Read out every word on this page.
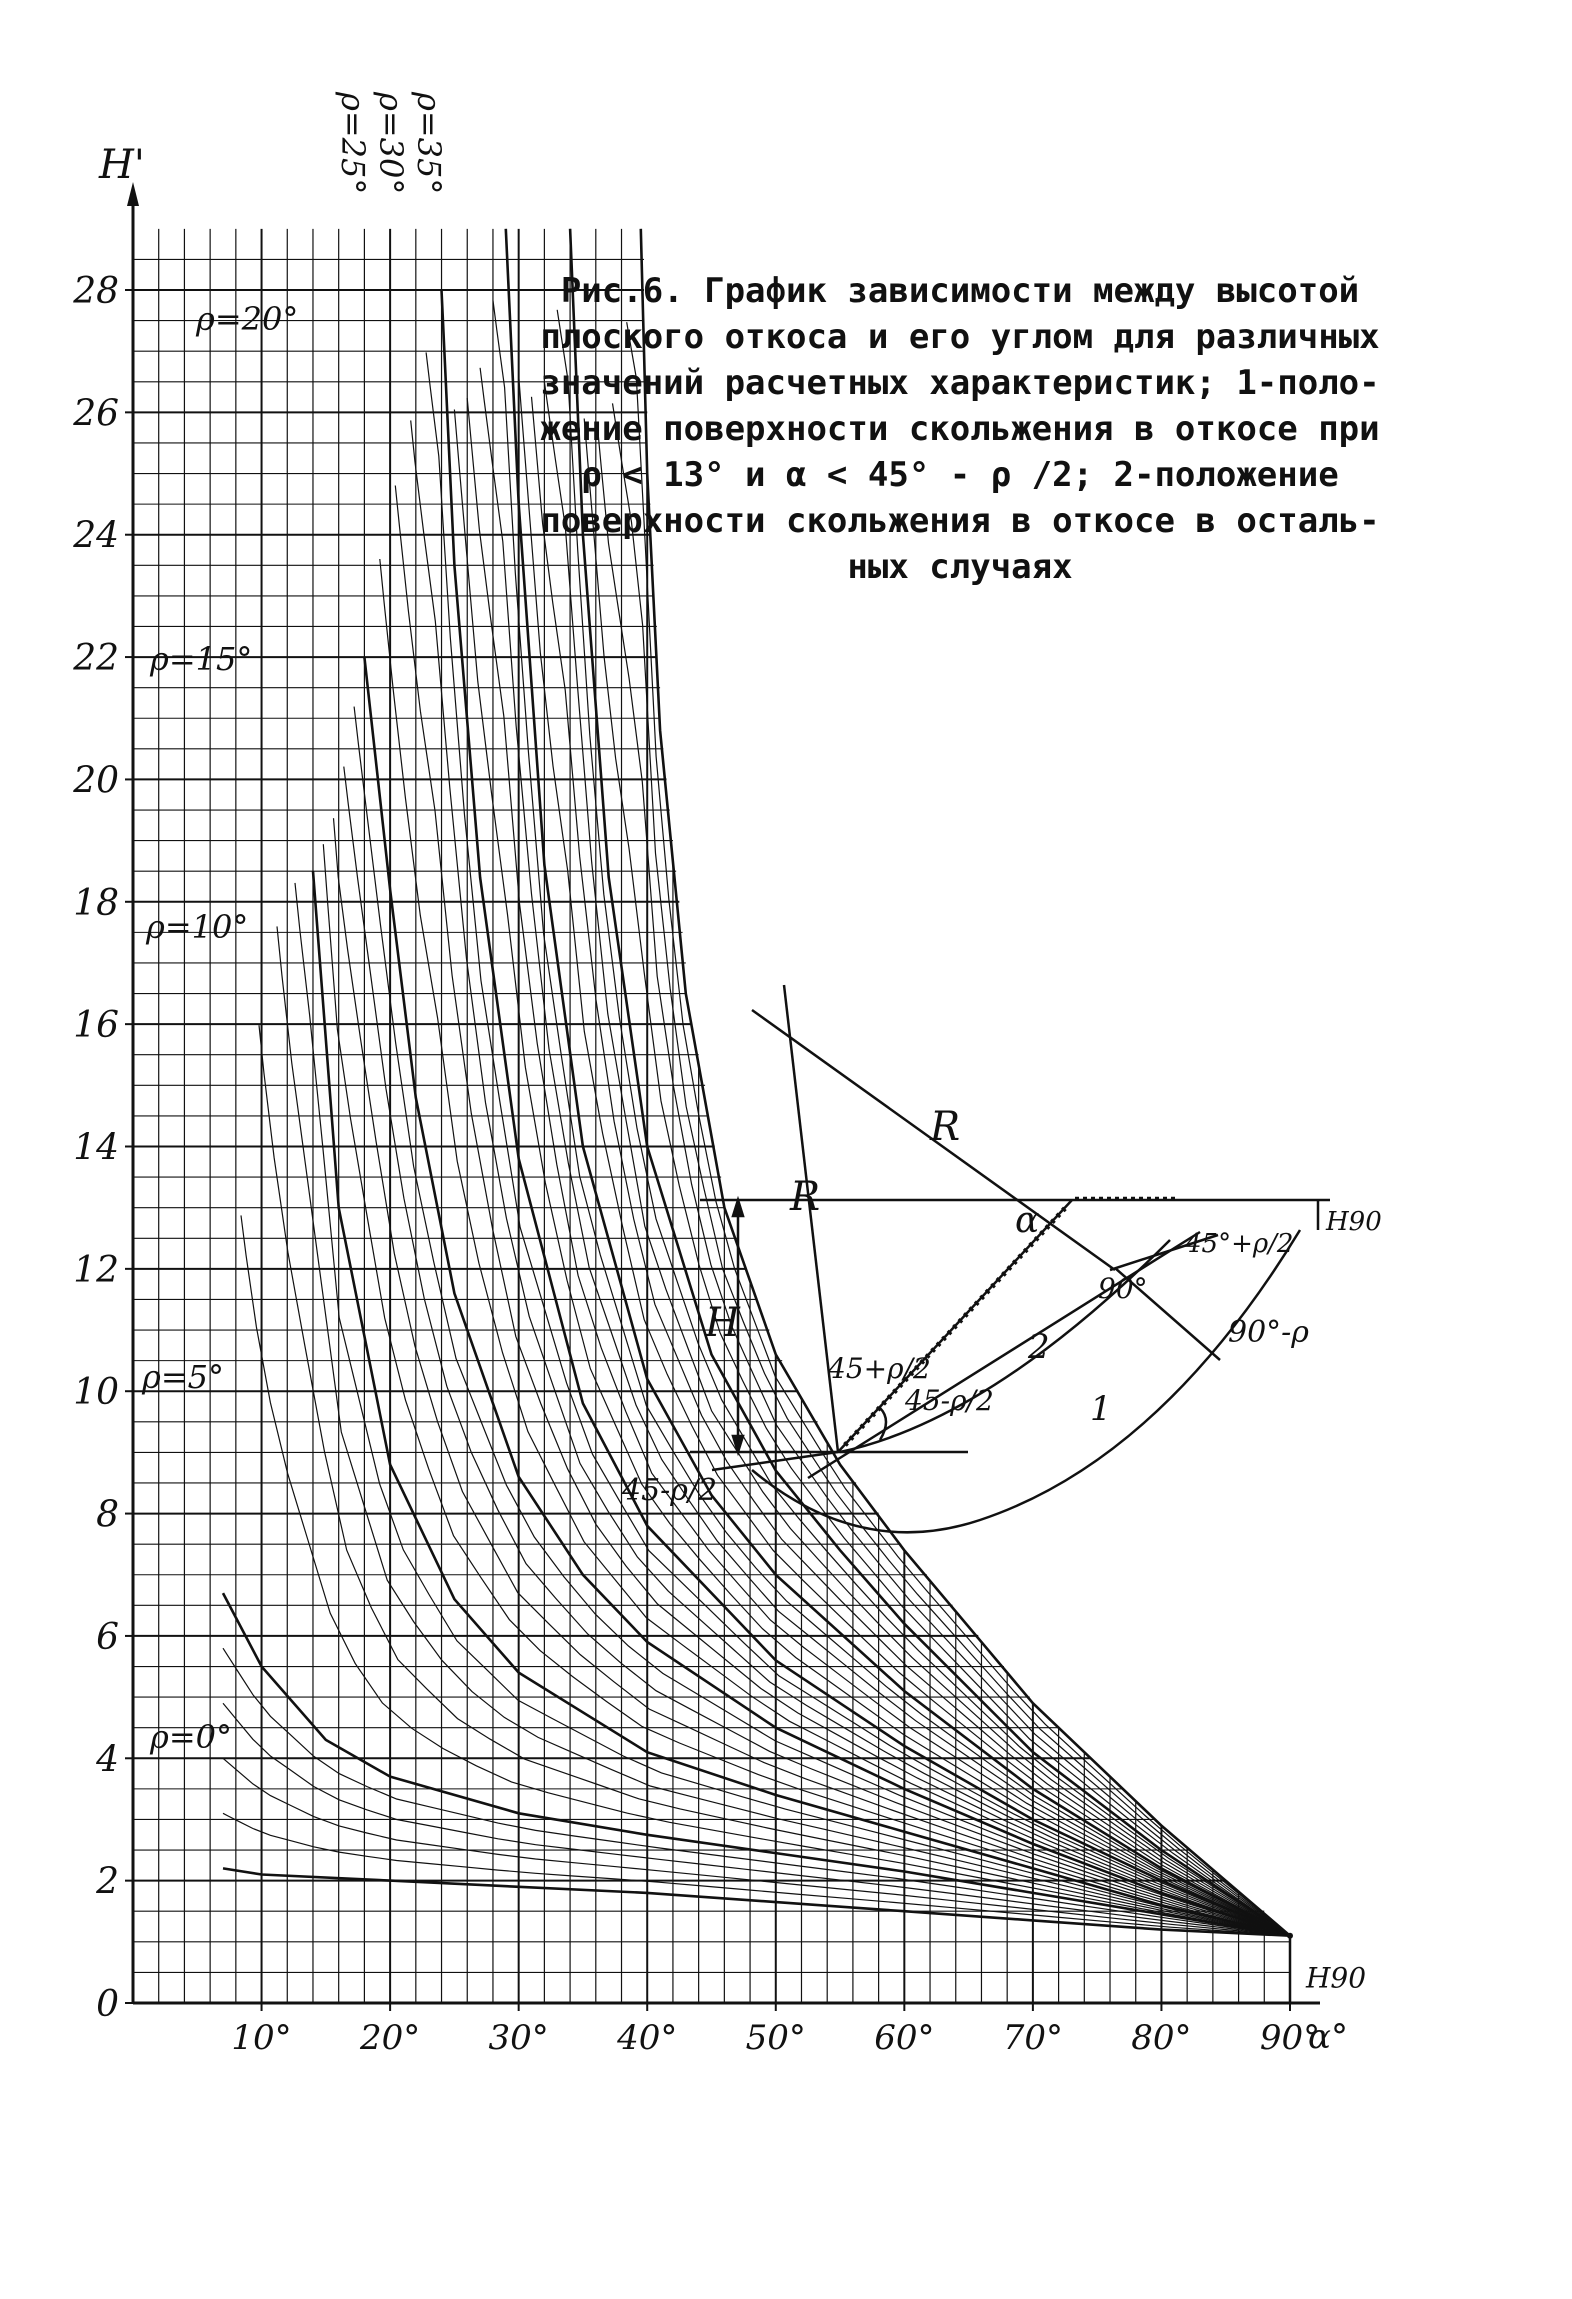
H90
H'
α°
0
2
4
6
8
10
12
14
16
18
20
22
24
26
28
10° 20° 30° 40° 50° 60° 70° 80° 90°
ρ=0°
ρ=5°
ρ=10°
ρ=15°
ρ=20°
ρ=25° ρ=30° ρ=35°
R
R
H
H90
α
45°+ρ/2
90°
90°-ρ
45+ρ/2
45-ρ/2
45-ρ/2
1
2
Рис.6. График зависимости между высотой
плоского откоса и его углом для различных
значений расчетных характеристик; 1-поло-
жение поверхности скольжения в откосе при
ρ < 13° и α < 45° - ρ /2; 2-положение
поверхности скольжения в откосе в осталь-
ных случаях
